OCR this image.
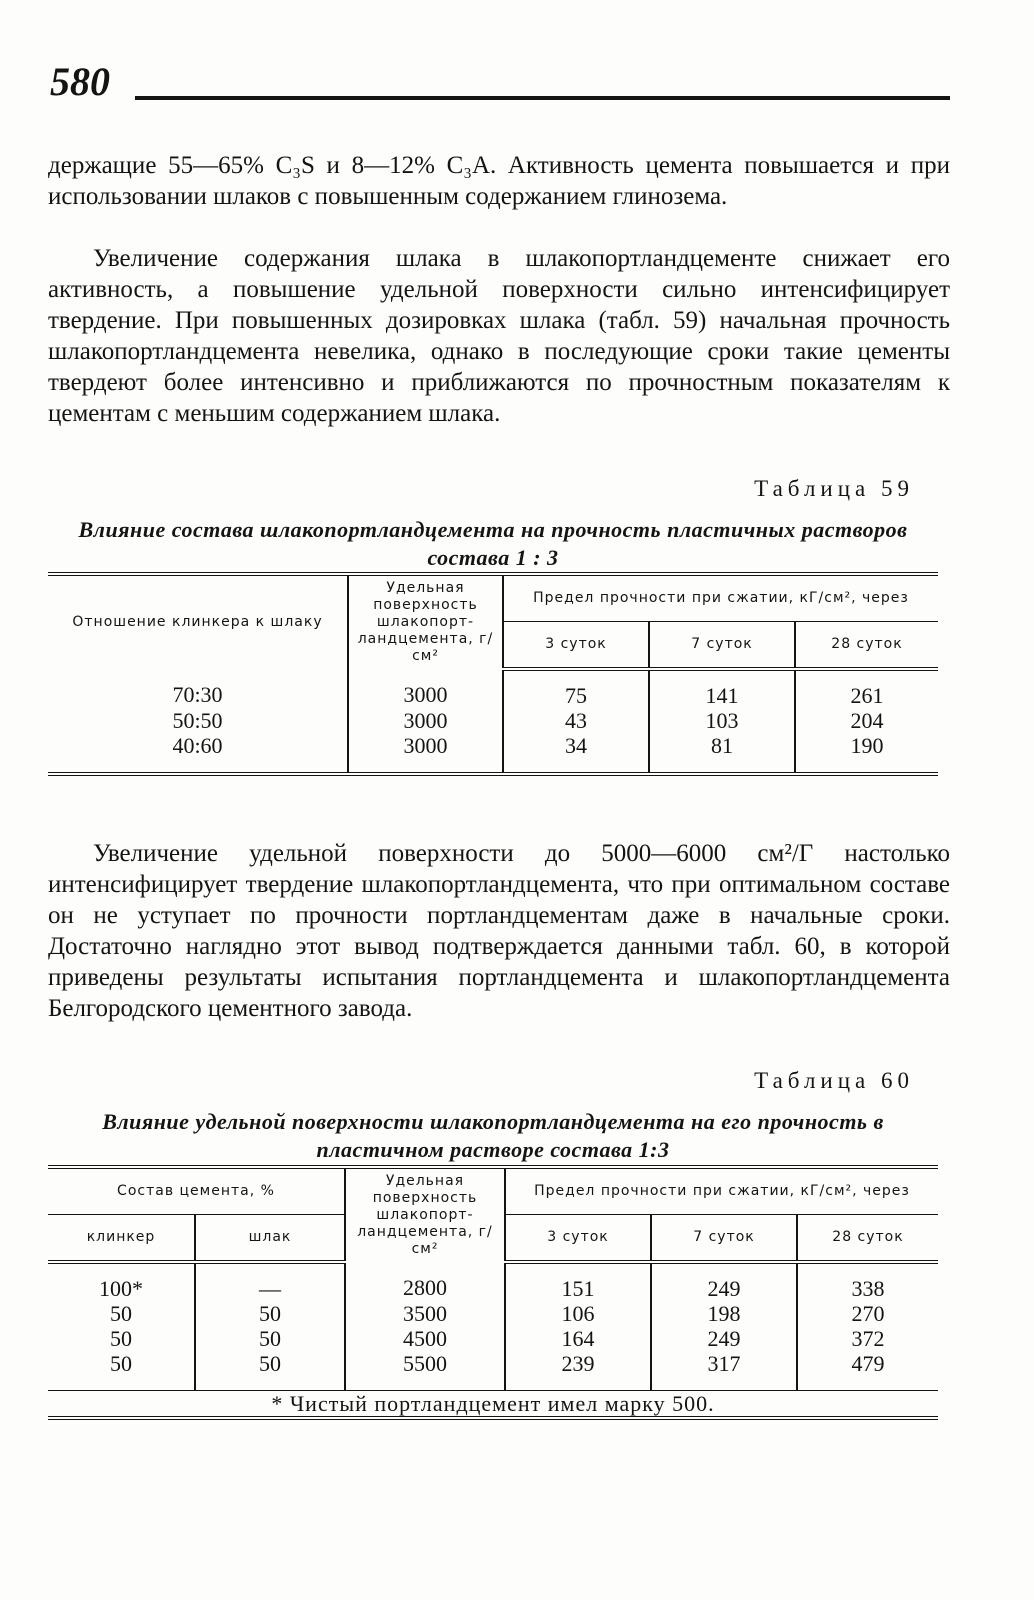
580

держащие 55—65% C₃S и 8—12% C₃A. Активность цемента повышается и при использовании шлаков с повышенным содержанием глинозема.

Увеличение содержания шлака в шлакопортландцементе снижает его активность, а повышение удельной поверхности сильно интенсифицирует твердение. При повышенных дозировках шлака (табл. 59) начальная прочность шлакопортландцемента невелика, однако в последующие сроки такие цементы твердеют более интенсивно и приближаются по прочностным показателям к цементам с меньшим содержанием шлака.

Таблица 59

Влияние состава шлакопортландцемента на прочность пластичных растворов состава 1 : 3

Отношение клинкера к шлаку	Удельная поверхность шлакопорт-ландцемента, г/см²	Предел прочности при сжатии, кГ/см², через		
		3 суток	7 суток	28 суток
70:30	3000	75	141	261
50:50	3000	43	103	204
40:60	3000	34	81	190

Увеличение удельной поверхности до 5000—6000 см²/Г настолько интенсифицирует твердение шлакопортландцемента, что при оптимальном составе он не уступает по прочности портландцементам даже в начальные сроки. Достаточно наглядно этот вывод подтверждается данными табл. 60, в которой приведены результаты испытания портландцемента и шлакопортландцемента Белгородского цементного завода.

Таблица 60

Влияние удельной поверхности шлакопортландцемента на его прочность в пластичном растворе состава 1:3

Состав цемента, %		Удельная поверхность шлакопорт-ландцемента, г/см²	Предел прочности при сжатии, кГ/см², через		
клинкер	шлак		3 суток	7 суток	28 суток
100*	—	2800	151	249	338
50	50	3500	106	198	270
50	50	4500	164	249	372
50	50	5500	239	317	479
* Чистый портландцемент имел марку 500.					
